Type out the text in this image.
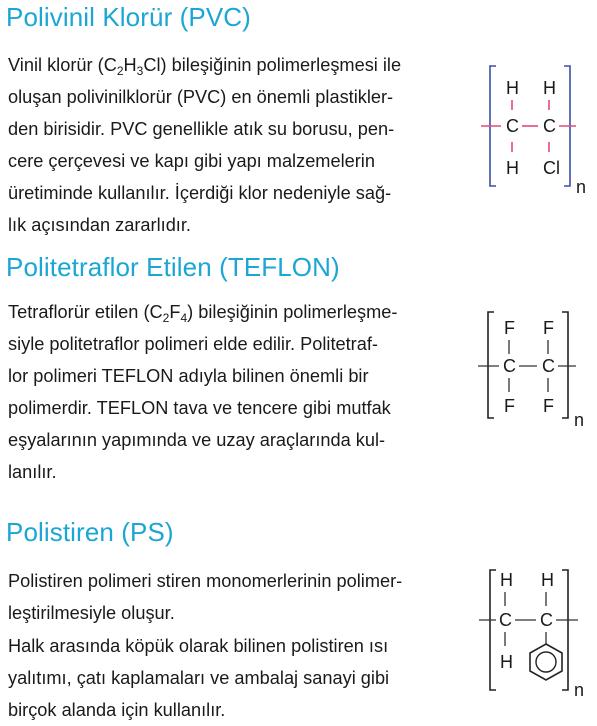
Polivinil Klorür (PVC)
Vinil klorür $(C_2H_3Cl)$ bileşiğinin polimerleşmesi ile
oluşan polivinilklorür (PVC) en önemli plastikler-
den birisidir. PVC genellikle atık su borusu, pen-
cere çerçevesi ve kapı gibi yapı malzemelerin
üretiminde kullanılır. İçerdiği klor nedeniyle sağ-
lık açısından zararlıdır.
H H
C C
H Cl
n
Politetraflor Etilen (TEFLON)
Tetraflorür etilen $(C_2F_4)$ bileşiğinin polimerleşme-
siyle politetraflor polimeri elde edilir. Politetraf-
lor polimeri TEFLON adıyla bilinen önemli bir
polimerdir. TEFLON tava ve tencere gibi mutfak
eşyalarının yapımında ve uzay araçlarında kul-
lanılır.
F F
C C
F F
n
Polistiren (PS)
Polistiren polimeri stiren monomerlerinin polimer-
leştirilmesiyle oluşur.
Halk arasında köpük olarak bilinen polistiren ısı
yalıtımı, çatı kaplamaları ve ambalaj sanayi gibi
birçok alanda için kullanılır.
H H
C C
H
n
